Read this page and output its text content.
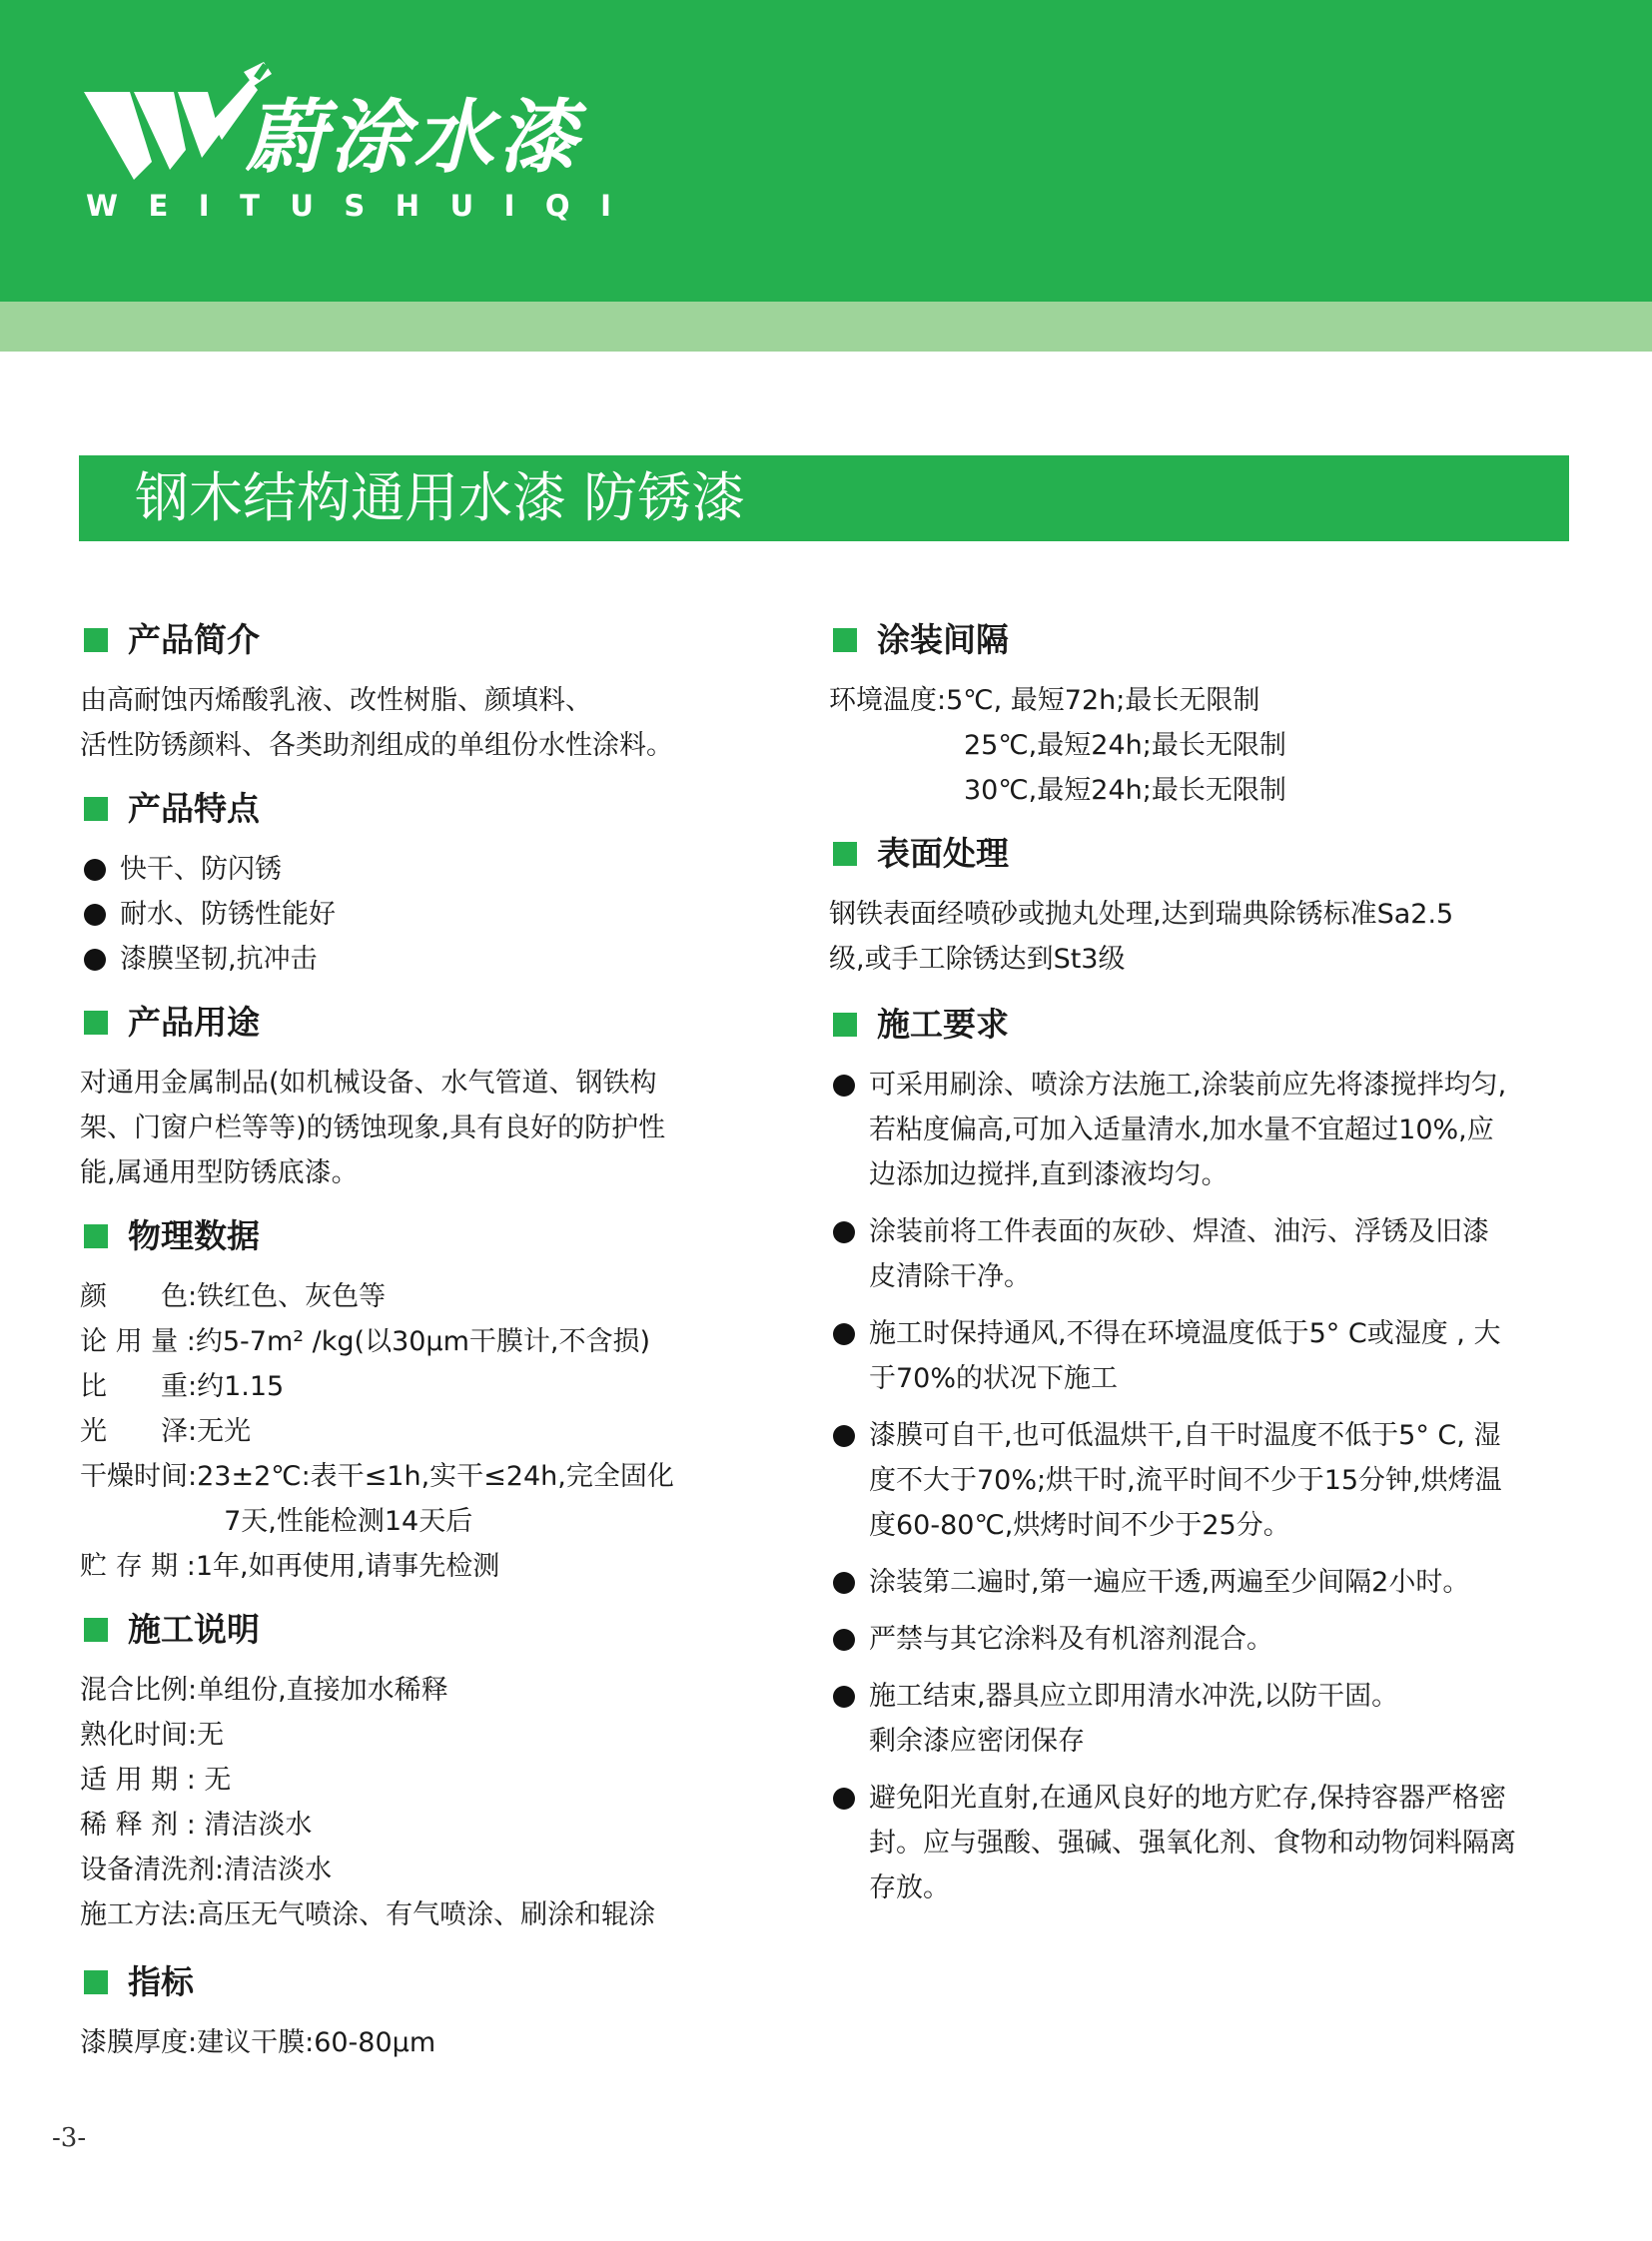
蔚涂水漆
WEITUSHUIQI
钢木结构通用水漆 防锈漆
产品简介
由高耐蚀丙烯酸乳液、改性树脂、颜填料、
活性防锈颜料、各类助剂组成的单组份水性涂料。
产品特点
快干、防闪锈
耐水、防锈性能好
漆膜坚韧,抗冲击
产品用途
对通用金属制品(如机械设备、水气管道、钢铁构
架、门窗户栏等等)的锈蚀现象,具有良好的防护性
能,属通用型防锈底漆。
物理数据
颜　　色: 铁红色、灰色等
论 用 量 : 约5-7m² /kg(以30μm干膜计,不含损)
比　　重: 约1.15
光　　泽: 无光
干燥时间: 23±2℃:表干≤1h,实干≤24h,完全固化
　7天,性能检测14天后
贮 存 期 : 1年,如再使用,请事先检测
施工说明
混合比例:单组份,直接加水稀释
熟化时间:无
适 用 期 : 无
稀 释 剂 : 清洁淡水
设备清洗剂:清洁淡水
施工方法:高压无气喷涂、有气喷涂、刷涂和辊涂
指标
漆膜厚度:建议干膜:60-80μm
涂装间隔
环境温度:5℃, 最短72h;最长无限制
　　　　　25℃,最短24h;最长无限制
　　　　　30℃,最短24h;最长无限制
表面处理
钢铁表面经喷砂或抛丸处理,达到瑞典除锈标准Sa2.5
级,或手工除锈达到St3级
施工要求
可采用刷涂、喷涂方法施工,涂装前应先将漆搅拌均匀,
若粘度偏高,可加入适量清水,加水量不宜超过10%,应
边添加边搅拌,直到漆液均匀。
涂装前将工件表面的灰砂、焊渣、油污、浮锈及旧漆
皮清除干净。
施工时保持通风,不得在环境温度低于5° C或湿度 , 大
于70%的状况下施工
漆膜可自干,也可低温烘干,自干时温度不低于5° C, 湿
度不大于70%;烘干时,流平时间不少于15分钟,烘烤温
度60-80℃,烘烤时间不少于25分。
涂装第二遍时,第一遍应干透,两遍至少间隔2小时。
严禁与其它涂料及有机溶剂混合。
施工结束,器具应立即用清水冲洗,以防干固。
剩余漆应密闭保存
避免阳光直射,在通风良好的地方贮存,保持容器严格密
封。应与强酸、强碱、强氧化剂、食物和动物饲料隔离
存放。
-3-
